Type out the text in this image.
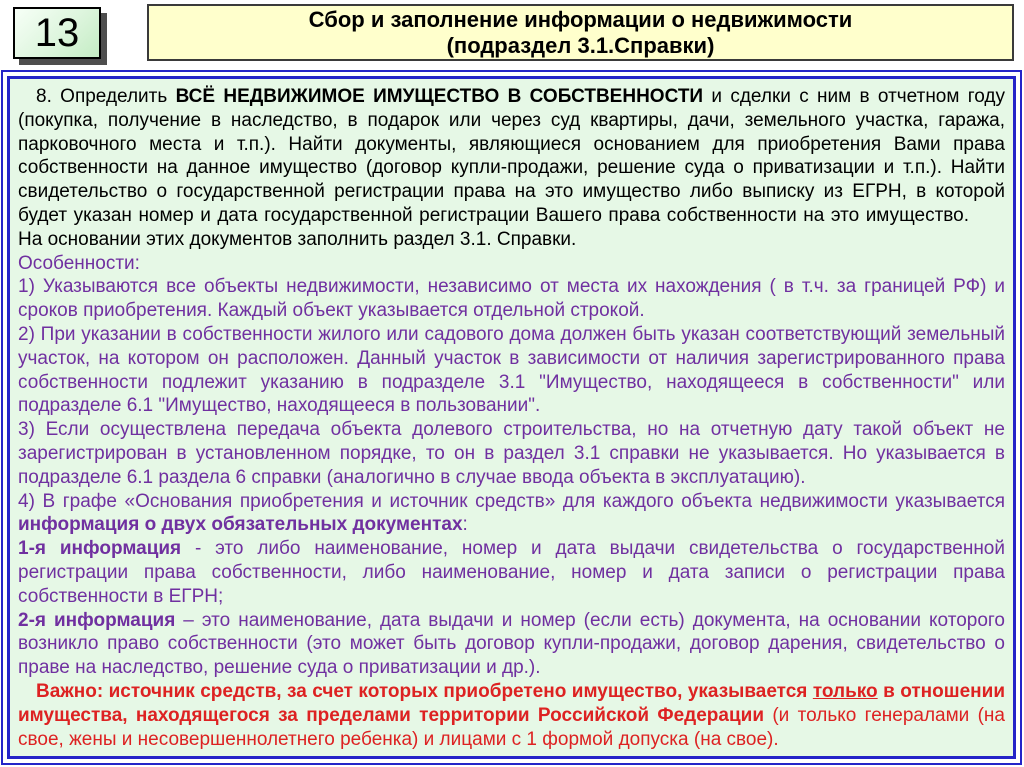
13	Сбор и заполнение информации о недвижимости
(подраздел 3.1.Справки)

8. Определить ВСЁ НЕДВИЖИМОЕ ИМУЩЕСТВО В СОБСТВЕННОСТИ и сделки с ним в отчетном году (покупка, получение в наследство, в подарок или через суд квартиры, дачи, земельного участка, гаража, парковочного места и т.п.). Найти документы, являющиеся основанием для приобретения Вами права собственности на данное имущество (договор купли-продажи, решение суда о приватизации и т.п.). Найти свидетельство о государственной регистрации права на это имущество либо выписку из ЕГРН, в которой будет указан номер и дата государственной регистрации Вашего права собственности на это имущество.На основании этих документов заполнить раздел 3.1. Справки.

Особенности:

1) Указываются все объекты недвижимости, независимо от места их нахождения ( в т.ч. за границей РФ) и сроков приобретения. Каждый объект указывается отдельной строкой.

2) При указании в собственности жилого или садового дома должен быть указан соответствующий земельный участок, на котором он расположен. Данный участок в зависимости от наличия зарегистрированного права собственности подлежит указанию в подразделе 3.1 "Имущество, находящееся в собственности" или подразделе 6.1 "Имущество, находящееся в пользовании".

3) Если осуществлена передача объекта долевого строительства, но на отчетную дату такой объект не зарегистрирован в установленном порядке, то он в раздел 3.1 справки не указывается. Но указывается в подразделе 6.1 раздела 6 справки (аналогично в случае ввода объекта в эксплуатацию).

4) В графе «Основания приобретения и источник средств» для каждого объекта недвижимости указывается информация о двух обязательных документах:

1-я информация - это либо наименование, номер и дата выдачи свидетельства о государственной регистрации права собственности, либо наименование, номер и дата записи о регистрации права собственности в ЕГРН;

2-я информация – это наименование, дата выдачи и номер (если есть) документа, на основании которого возникло право собственности (это может быть договор купли-продажи, договор дарения, свидетельство о праве на наследство, решение суда о приватизации и др.).

Важно: источник средств, за счет которых приобретено имущество, указывается только в отношении имущества, находящегося за пределами территории Российской Федерации (и только генералами (на свое, жены и несовершеннолетнего ребенка) и лицами с 1 формой допуска (на свое).
